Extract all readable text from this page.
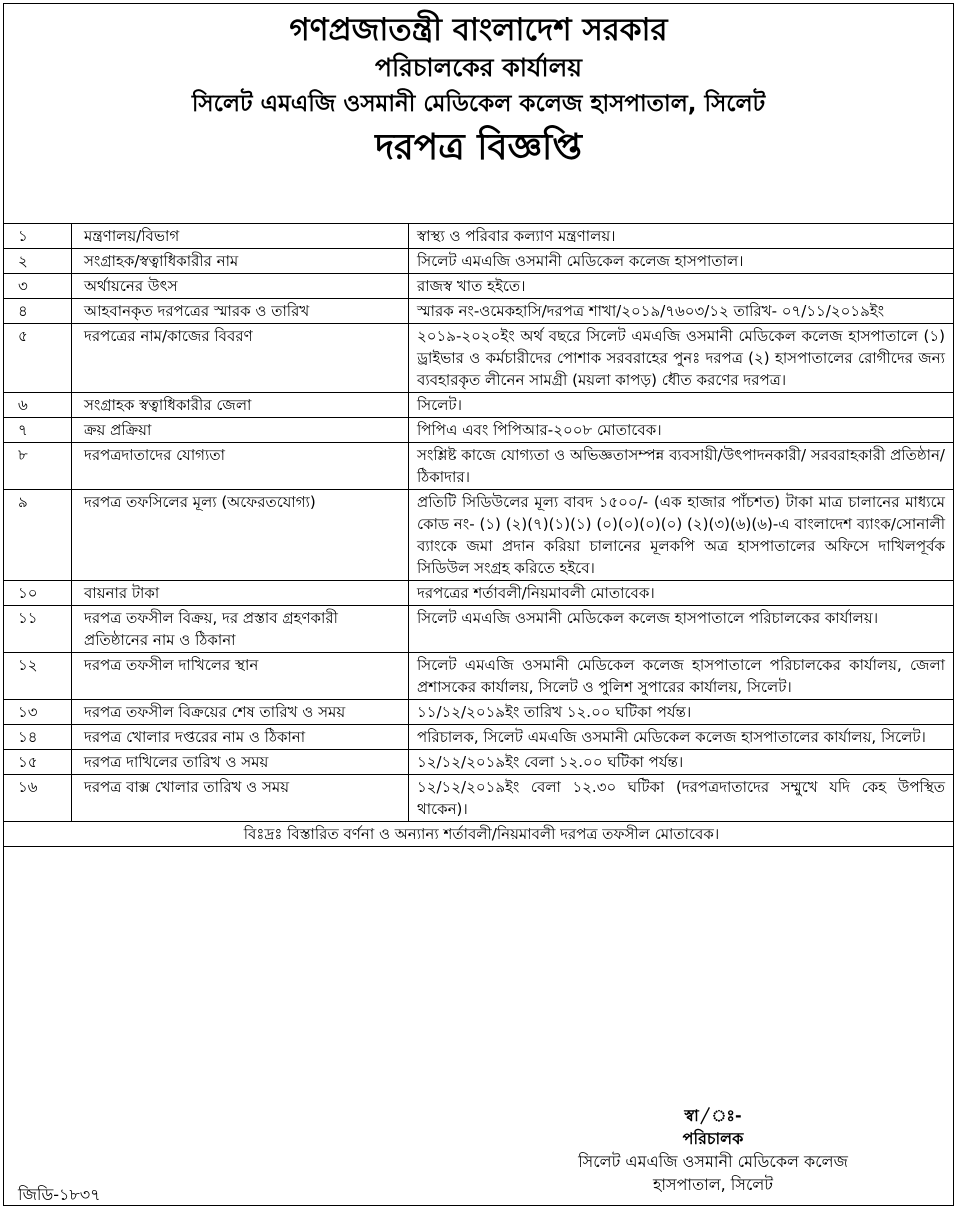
গণপ্রজাতন্ত্রী বাংলাদেশ সরকার
পরিচালকের কার্যালয়
সিলেট এমএজি ওসমানী মেডিকেল কলেজ হাসপাতাল, সিলেট
দরপত্র বিজ্ঞপ্তি
১	মন্ত্রণালয়/বিভাগ	স্বাস্থ্য ও পরিবার কল্যাণ মন্ত্রণালয়।
২	সংগ্রাহক/স্বত্বাধিকারীর নাম	সিলেট এমএজি ওসমানী মেডিকেল কলেজ হাসপাতাল।
৩	অর্থায়নের উৎস	রাজস্ব খাত হইতে।
৪	আহবানকৃত দরপত্রের স্মারক ও তারিখ	স্মারক নং-ওমেকহাসি/দরপত্র শাখা/২০১৯/৭৬০৩/১২ তারিখ- ০৭/১১/২০১৯ইং
৫	দরপত্রের নাম/কাজের বিবরণ	২০১৯-২০২০ইং অর্থ বছরে সিলেট এমএজি ওসমানী মেডিকেল কলেজ হাসপাতালে (১) ড্রাইভার ও কর্মচারীদের পোশাক সরবরাহের পুনঃ দরপত্র (২) হাসপাতালের রোগীদের জন্য ব্যবহারকৃত লীনেন সামগ্রী (ময়লা কাপড়) ধৌত করণের দরপত্র।
৬	সংগ্রাহক স্বত্বাধিকারীর জেলা	সিলেট।
৭	ক্রয় প্রক্রিয়া	পিপিএ এবং পিপিআর-২০০৮ মোতাবেক।
৮	দরপত্রদাতাদের যোগ্যতা	সংশ্লিষ্ট কাজে যোগ্যতা ও অভিজ্ঞতাসম্পন্ন ব্যবসায়ী/উৎপাদনকারী/ সরবরাহকারী প্রতিষ্ঠান/ঠিকাদার।
৯	দরপত্র তফসিলের মূল্য (অফেরতযোগ্য)	প্রতিটি সিডিউলের মূল্য বাবদ ১৫০০/- (এক হাজার পাঁচশত) টাকা মাত্র চালানের মাধ্যমে কোড নং- (১) (২)(৭)(১)(১) (০)(০)(০)(০) (২)(৩)(৬)(৬)-এ বাংলাদেশ ব্যাংক/সোনালী ব্যাংকে জমা প্রদান করিয়া চালানের মূলকপি অত্র হাসপাতালের অফিসে দাখিলপূর্বক সিডিউল সংগ্রহ করিতে হইবে।
১০	বায়নার টাকা	দরপত্রের শর্তাবলী/নিয়মাবলী মোতাবেক।
১১	দরপত্র তফসীল বিক্রয়, দর প্রস্তাব গ্রহণকারী প্রতিষ্ঠানের নাম ও ঠিকানা	সিলেট এমএজি ওসমানী মেডিকেল কলেজ হাসপাতালে পরিচালকের কার্যালয়।
১২	দরপত্র তফসীল দাখিলের স্থান	সিলেট এমএজি ওসমানী মেডিকেল কলেজ হাসপাতালে পরিচালকের কার্যালয়, জেলা প্রশাসকের কার্যালয়, সিলেট ও পুলিশ সুপারের কার্যালয়, সিলেট।
১৩	দরপত্র তফসীল বিক্রয়ের শেষ তারিখ ও সময়	১১/১২/২০১৯ইং তারিখ ১২.০০ ঘটিকা পর্যন্ত।
১৪	দরপত্র খোলার দপ্তরের নাম ও ঠিকানা	পরিচালক, সিলেট এমএজি ওসমানী মেডিকেল কলেজ হাসপাতালের কার্যালয়, সিলেট।
১৫	দরপত্র দাখিলের তারিখ ও সময়	১২/১২/২০১৯ইং বেলা ১২.০০ ঘটিকা পর্যন্ত।
১৬	দরপত্র বাক্স খোলার তারিখ ও সময়	১২/১২/২০১৯ইং বেলা ১২.৩০ ঘটিকা (দরপত্রদাতাদের সম্মুখে যদি কেহ উপস্থিত থাকেন)।
বিঃদ্রঃ বিস্তারিত বর্ণনা ও অন্যান্য শর্তাবলী/নিয়মাবলী দরপত্র তফসীল মোতাবেক।		
স্বা/ঃ-
পরিচালক
সিলেট এমএজি ওসমানী মেডিকেল কলেজ
হাসপাতাল, সিলেট
জিডি-১৮৩৭
